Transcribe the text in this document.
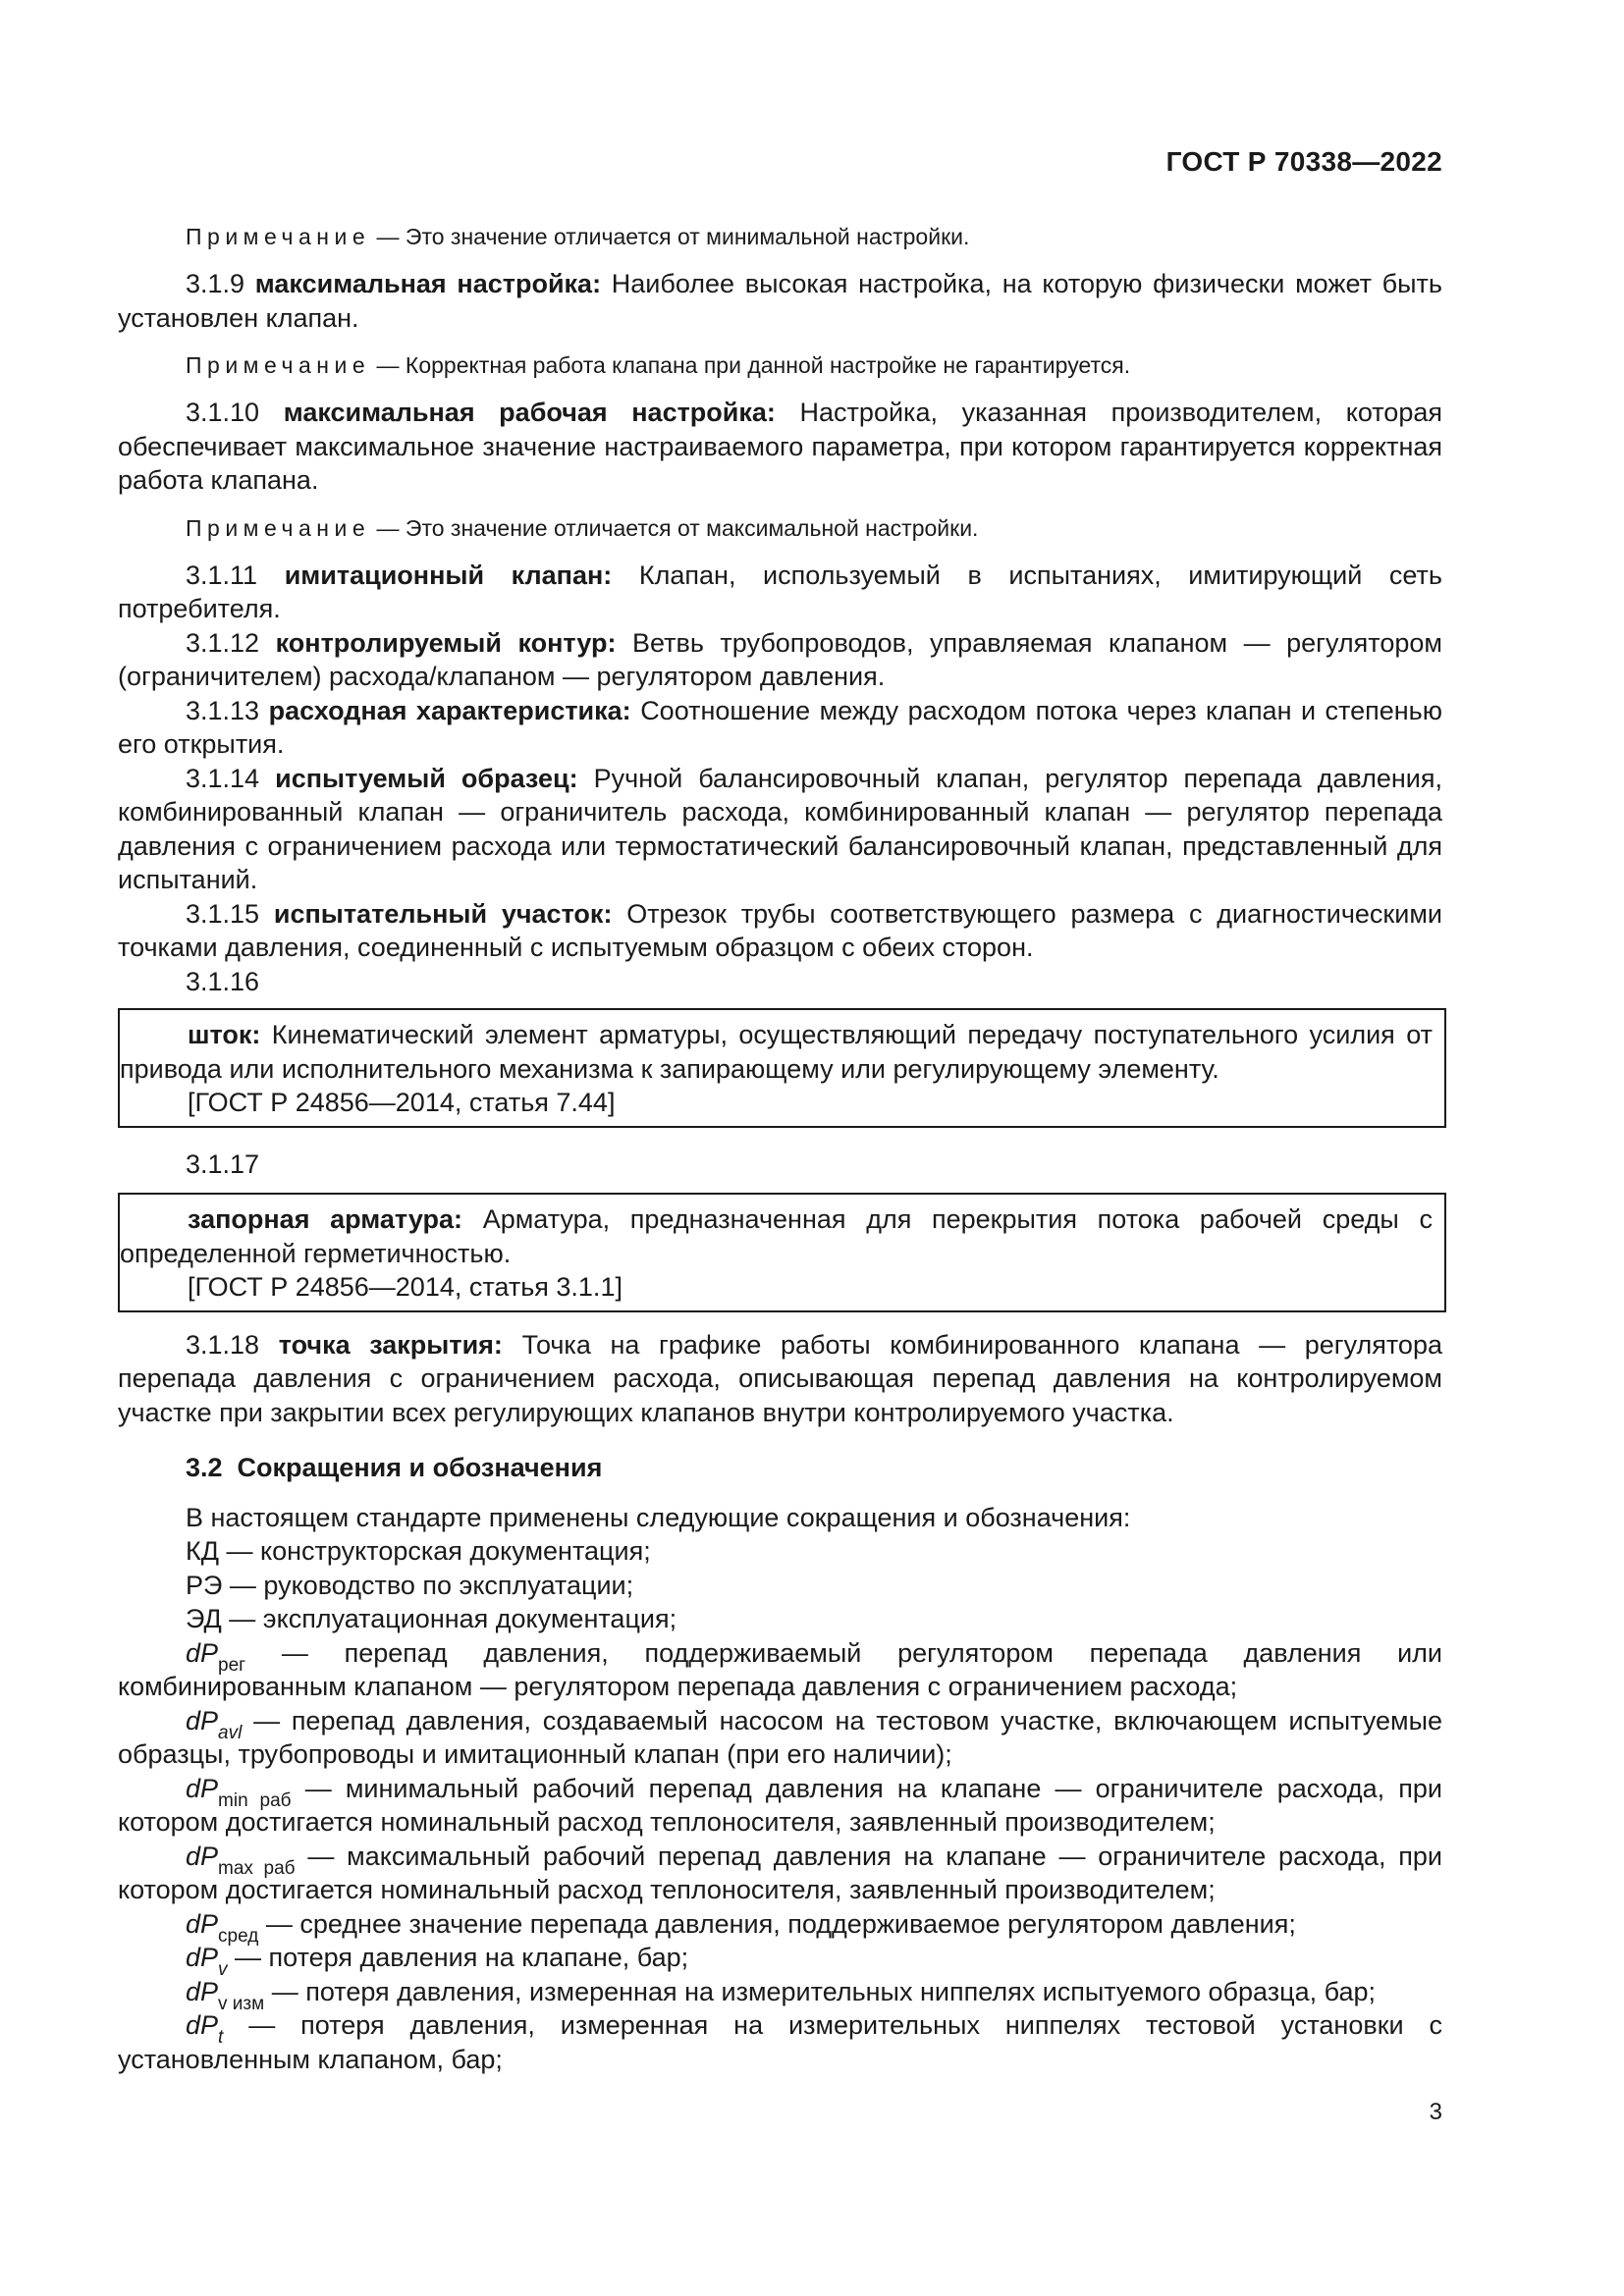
ГОСТ Р 70338—2022

Примечание — Это значение отличается от минимальной настройки.

3.1.9 максимальная настройка: Наиболее высокая настройка, на которую физически может быть установлен клапан.

Примечание — Корректная работа клапана при данной настройке не гарантируется.

3.1.10 максимальная рабочая настройка: Настройка, указанная производителем, которая обеспечивает максимальное значение настраиваемого параметра, при котором гарантируется корректная работа клапана.

Примечание — Это значение отличается от максимальной настройки.

3.1.11 имитационный клапан: Клапан, используемый в испытаниях, имитирующий сеть потребителя.

3.1.12 контролируемый контур: Ветвь трубопроводов, управляемая клапаном — регулятором (ограничителем) расхода/клапаном — регулятором давления.

3.1.13 расходная характеристика: Соотношение между расходом потока через клапан и степенью его открытия.

3.1.14 испытуемый образец: Ручной балансировочный клапан, регулятор перепада давления, комбинированный клапан — ограничитель расхода, комбинированный клапан — регулятор перепада давления с ограничением расхода или термостатический балансировочный клапан, представленный для испытаний.

3.1.15 испытательный участок: Отрезок трубы соответствующего размера с диагностическими точками давления, соединенный с испытуемым образцом с обеих сторон.

3.1.16

шток: Кинематический элемент арматуры, осуществляющий передачу поступательного усилия от привода или исполнительного механизма к запирающему или регулирующему элементу.

[ГОСТ Р 24856—2014, статья 7.44]

3.1.17

запорная арматура: Арматура, предназначенная для перекрытия потока рабочей среды с определенной герметичностью.

[ГОСТ Р 24856—2014, статья 3.1.1]

3.1.18 точка закрытия: Точка на графике работы комбинированного клапана — регулятора перепада давления с ограничением расхода, описывающая перепад давления на контролируемом участке при закрытии всех регулирующих клапанов внутри контролируемого участка.

3.2  Сокращения и обозначения

В настоящем стандарте применены следующие сокращения и обозначения:

КД — конструкторская документация;

РЭ — руководство по эксплуатации;

ЭД — эксплуатационная документация;

$dP_{рег}$ — перепад давления, поддерживаемый регулятором перепада давления или комбинированным клапаном — регулятором перепада давления с ограничением расхода;

$dP_{avl}$ — перепад давления, создаваемый насосом на тестовом участке, включающем испытуемые образцы, трубопроводы и имитационный клапан (при его наличии);

$dP_{min раб}$ — минимальный рабочий перепад давления на клапане — ограничителе расхода, при котором достигается номинальный расход теплоносителя, заявленный производителем;

$dP_{max раб}$ — максимальный рабочий перепад давления на клапане — ограничителе расхода, при котором достигается номинальный расход теплоносителя, заявленный производителем;

$dP_{сред}$ — среднее значение перепада давления, поддерживаемое регулятором давления;

$dP_v$ — потеря давления на клапане, бар;

$dP_{v изм}$ — потеря давления, измеренная на измерительных ниппелях испытуемого образца, бар;

$dP_t$ — потеря давления, измеренная на измерительных ниппелях тестовой установки с установленным клапаном, бар;

3
